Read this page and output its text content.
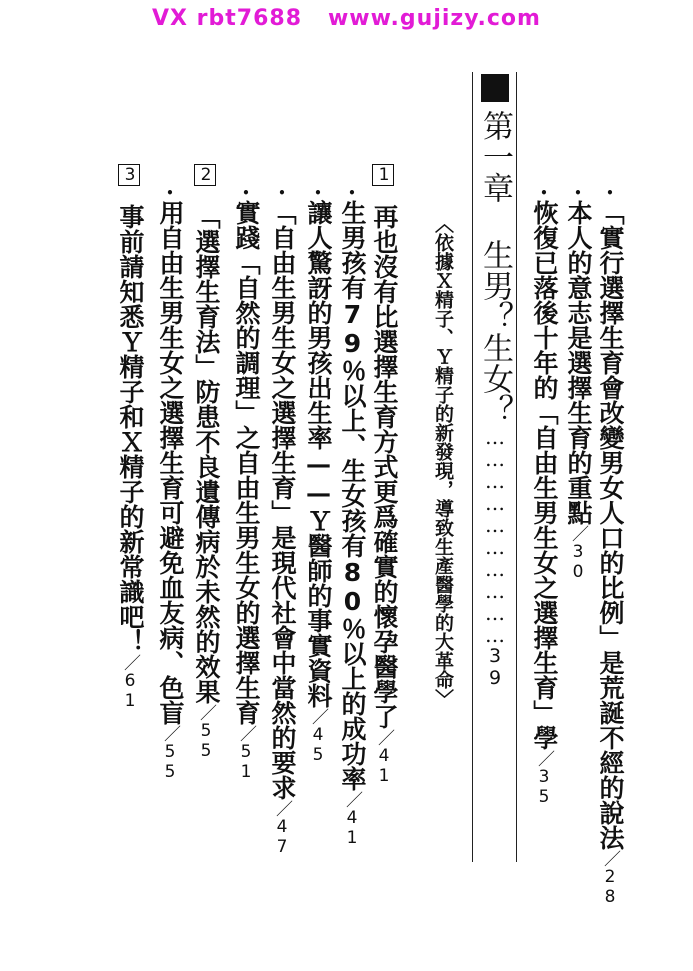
VX rbt7688   www.gujizy.com
•「實行選擇生育會改變男女人口的比例」是荒誕不經的說法／28
•本人的意志是選擇生育的重點／30
•恢復已落後十年的「自由生男生女之選擇生育」學／35
第一章 生男？生女？…………………………39
〈依據Ｘ精子、Ｙ精子的新發現，導致生產醫學的大革命〉
1再也沒有比選擇生育方式更爲確實的懷孕醫學了／41
•生男孩有79％以上、生女孩有80％以上的成功率／41
•讓人驚訝的男孩出生率——Ｙ醫師的事實資料／45
•「自由生男生女之選擇生育」是現代社會中當然的要求／47
•實踐「自然的調理」之自由生男生女的選擇生育／51
2「選擇生育法」防患不良遺傳病於未然的效果／55
•用自由生男生女之選擇生育可避免血友病、色盲／55
3事前請知悉Ｙ精子和Ｘ精子的新常識吧！／61
